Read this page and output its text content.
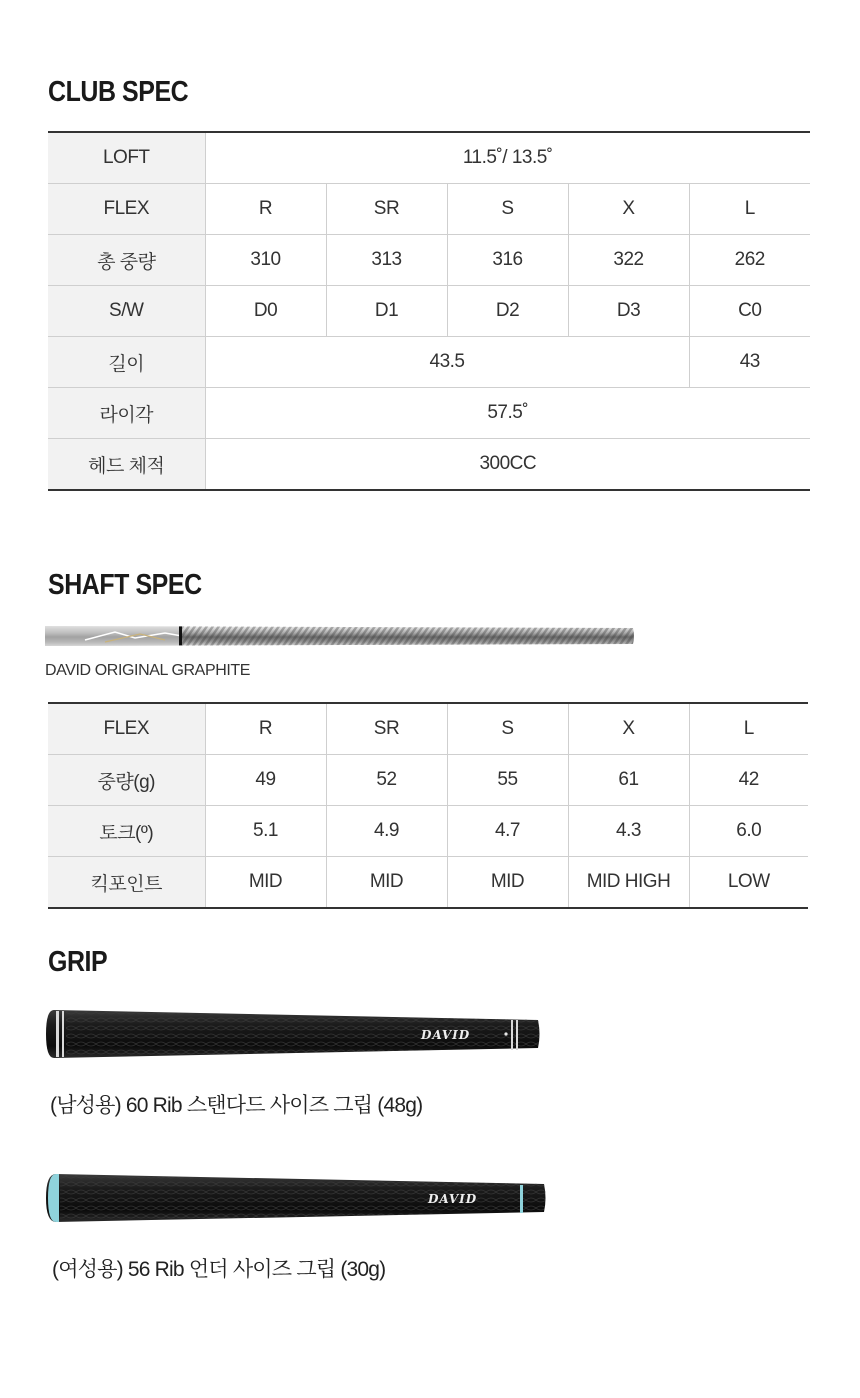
CLUB SPEC
LOFT	11.5˚/ 13.5˚				
FLEX	R	SR	S	X	L
총 중량	310	313	316	322	262
S/W	D0	D1	D2	D3	C0
길이	43.5				43
라이각	57.5˚				
헤드 체적	300CC				
SHAFT SPEC
DAVID ORIGINAL GRAPHITE
FLEX	R	SR	S	X	L
중량(g)	49	52	55	61	42
토크(º)	5.1	4.9	4.7	4.3	6.0
킥포인트	MID	MID	MID	MID HIGH	LOW
GRIP
DAVID
(남성용) 60 Rib 스탠다드 사이즈 그립 (48g)
DAVID
(여성용) 56 Rib 언더 사이즈 그립 (30g)
